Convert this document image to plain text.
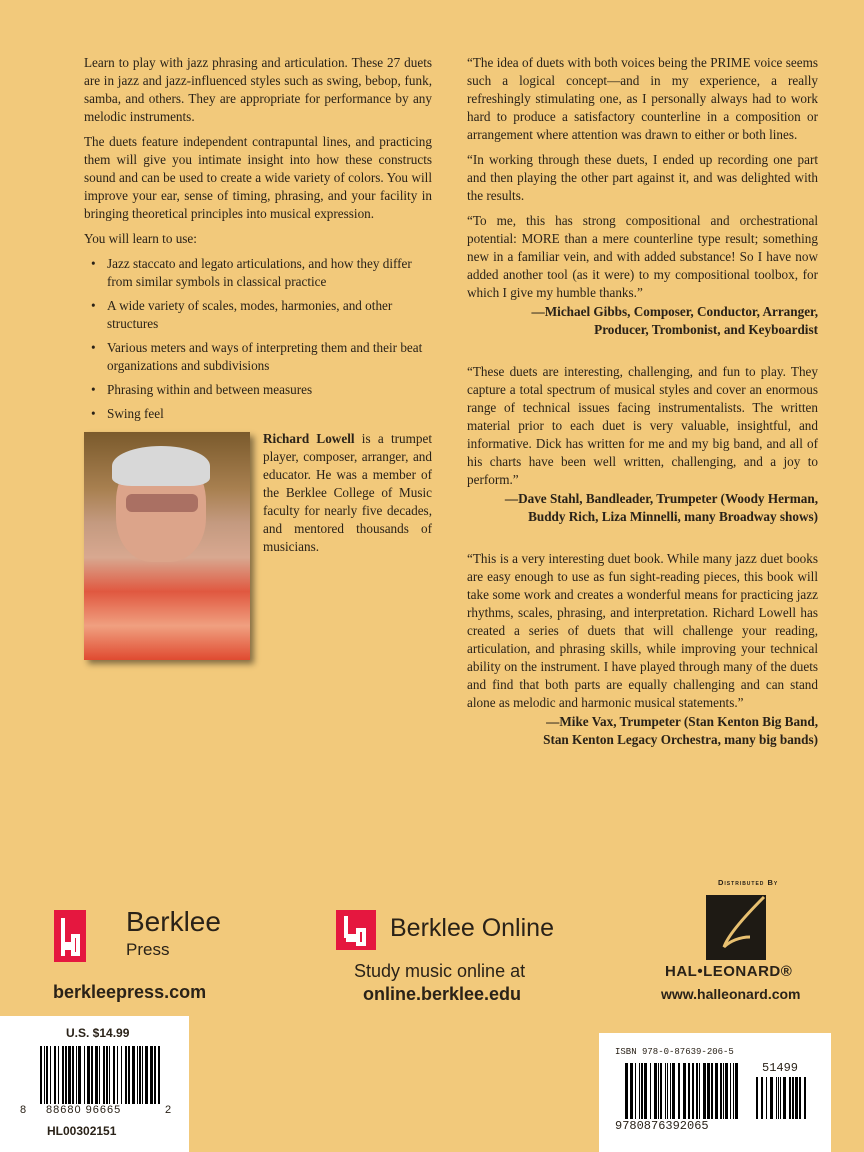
Learn to play with jazz phrasing and articulation. These 27 duets are in jazz and jazz-influenced styles such as swing, bebop, funk, samba, and others. They are appropriate for performance by any melodic instruments.

The duets feature independent contrapuntal lines, and practicing them will give you intimate insight into how these constructs sound and can be used to create a wide variety of colors. You will improve your ear, sense of timing, phrasing, and your facility in bringing theoretical principles into musical expression.

You will learn to use:

• Jazz staccato and legato articulations, and how they differ from similar symbols in classical practice
• A wide variety of scales, modes, harmonies, and other structures
• Various meters and ways of interpreting them and their beat organizations and subdivisions
• Phrasing within and between measures
• Swing feel
Richard Lowell is a trumpet player, composer, arranger, and educator. He was a member of the Berklee College of Music faculty for nearly five decades, and mentored thousands of musicians.

“The idea of duets with both voices being the PRIME voice seems such a logical concept—and in my experience, a really refreshingly stimulating one, as I personally always had to work hard to produce a satisfactory counterline in a composition or arrangement where attention was drawn to either or both lines.

“In working through these duets, I ended up recording one part and then playing the other part against it, and was delighted with the results.

“To me, this has strong compositional and orchestrational potential: MORE than a mere counterline type result; something new in a familiar vein, and with added substance! So I have now added another tool (as it were) to my compositional toolbox, for which I give my humble thanks.”

—Michael Gibbs, Composer, Conductor, Arranger,
Producer, Trombonist, and Keyboardist

“These duets are interesting, challenging, and fun to play. They capture a total spectrum of musical styles and cover an enormous range of technical issues facing instrumentalists. The written material prior to each duet is very valuable, insightful, and informative. Dick has written for me and my big band, and all of his charts have been well written, challenging, and a joy to perform.”

—Dave Stahl, Bandleader, Trumpeter (Woody Herman,
Buddy Rich, Liza Minnelli, many Broadway shows)

“This is a very interesting duet book. While many jazz duet books are easy enough to use as fun sight-reading pieces, this book will take some work and creates a wonderful means for practicing jazz rhythms, scales, phrasing, and interpretation. Richard Lowell has created a series of duets that will challenge your reading, articulation, and phrasing skills, while improving your technical ability on the instrument. I have played through many of the duets and find that both parts are equally challenging and can stand alone as melodic and harmonic musical statements.”

—Mike Vax, Trumpeter (Stan Kenton Big Band,
Stan Kenton Legacy Orchestra, many big bands)
Berklee
Press
berkleepress.com
Berklee Online
Study music online at
online.berklee.edu
Distributed By
HAL•LEONARD®
www.halleonard.com
U.S. $14.99
8 88680 96665	2
HL00302151
ISBN 978-0-87639-206-5
9780876392065
51499
